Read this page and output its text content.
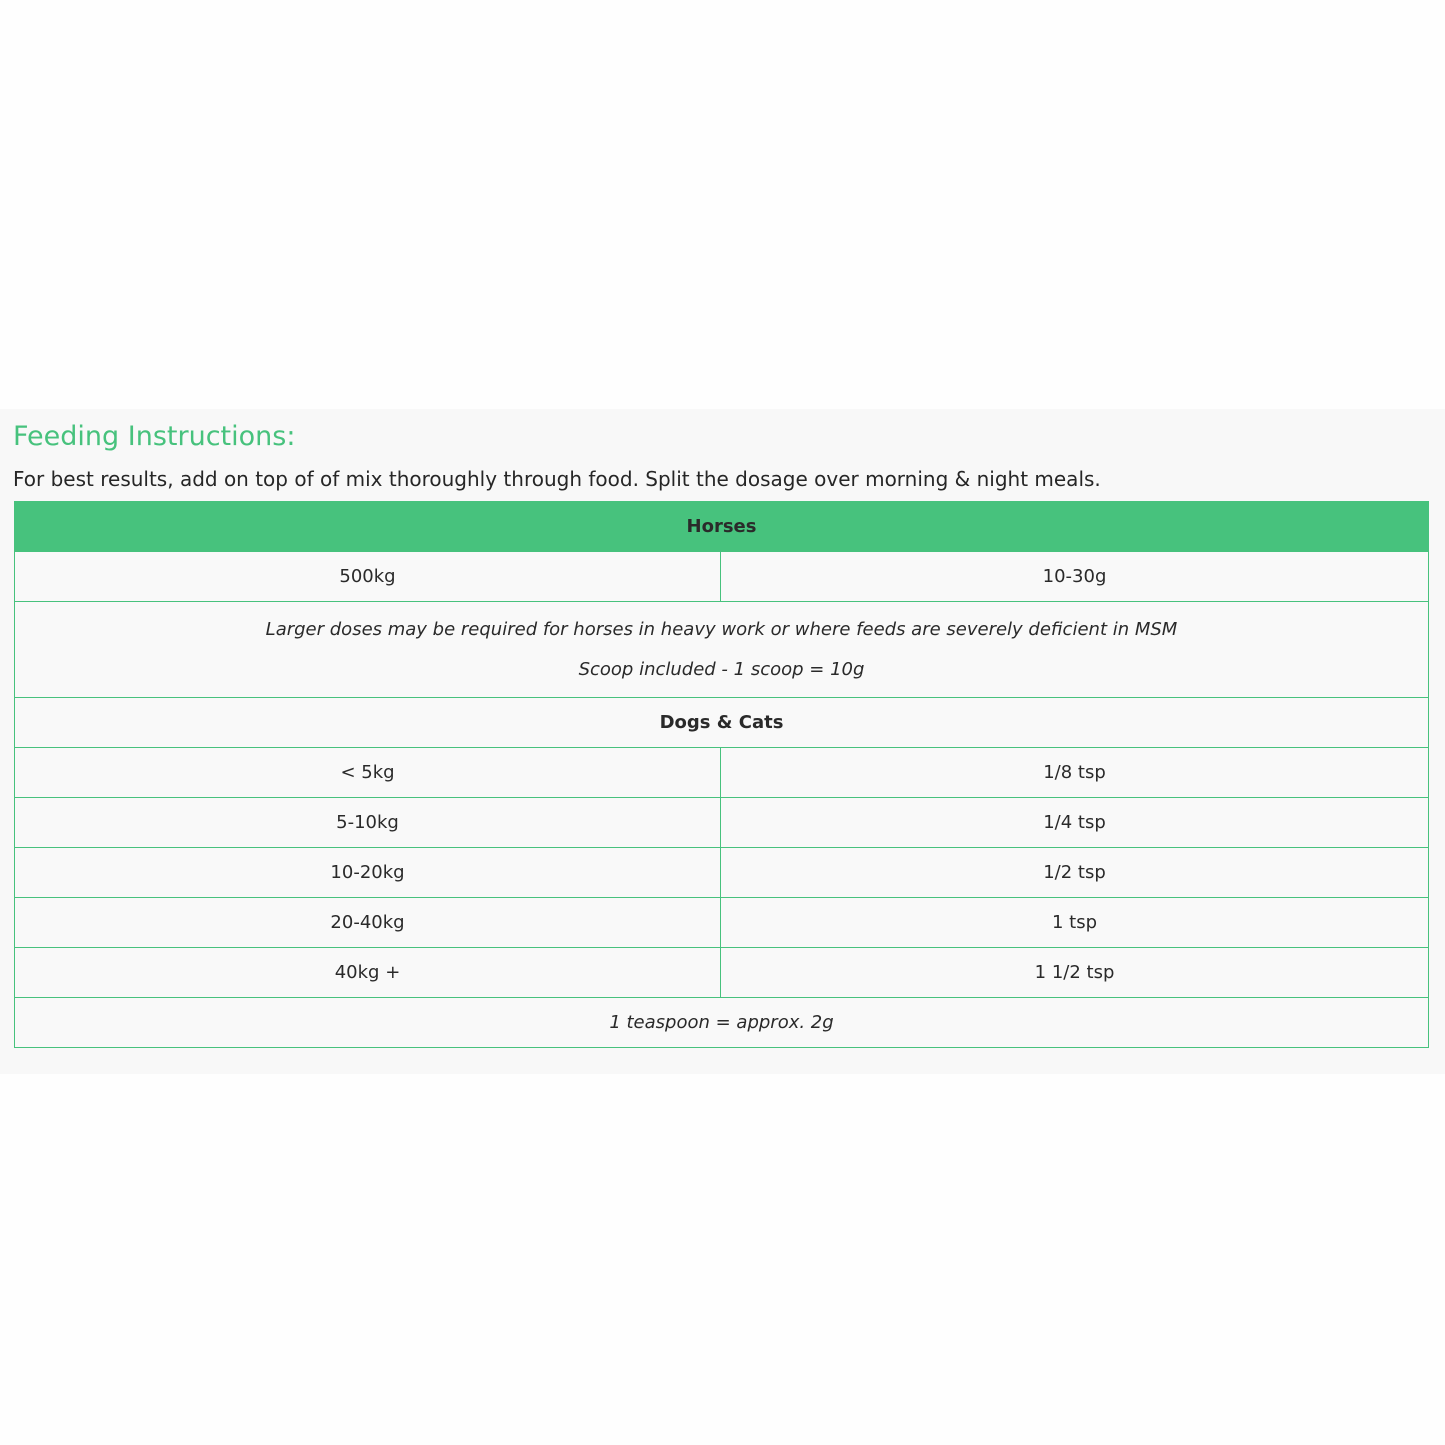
Feeding Instructions:

For best results, add on top of of mix thoroughly through food. Split the dosage over morning & night meals.

Horses	
500kg	10-30g

Larger doses may be required for horses in heavy work or where feeds are severely deficient in MSM
Scoop included - 1 scoop = 10g	

Dogs & Cats	
< 5kg	1/8 tsp
5-10kg	1/4 tsp
10-20kg	1/2 tsp
20-40kg	1 tsp
40kg +	1 1/2 tsp
1 teaspoon = approx. 2g	
